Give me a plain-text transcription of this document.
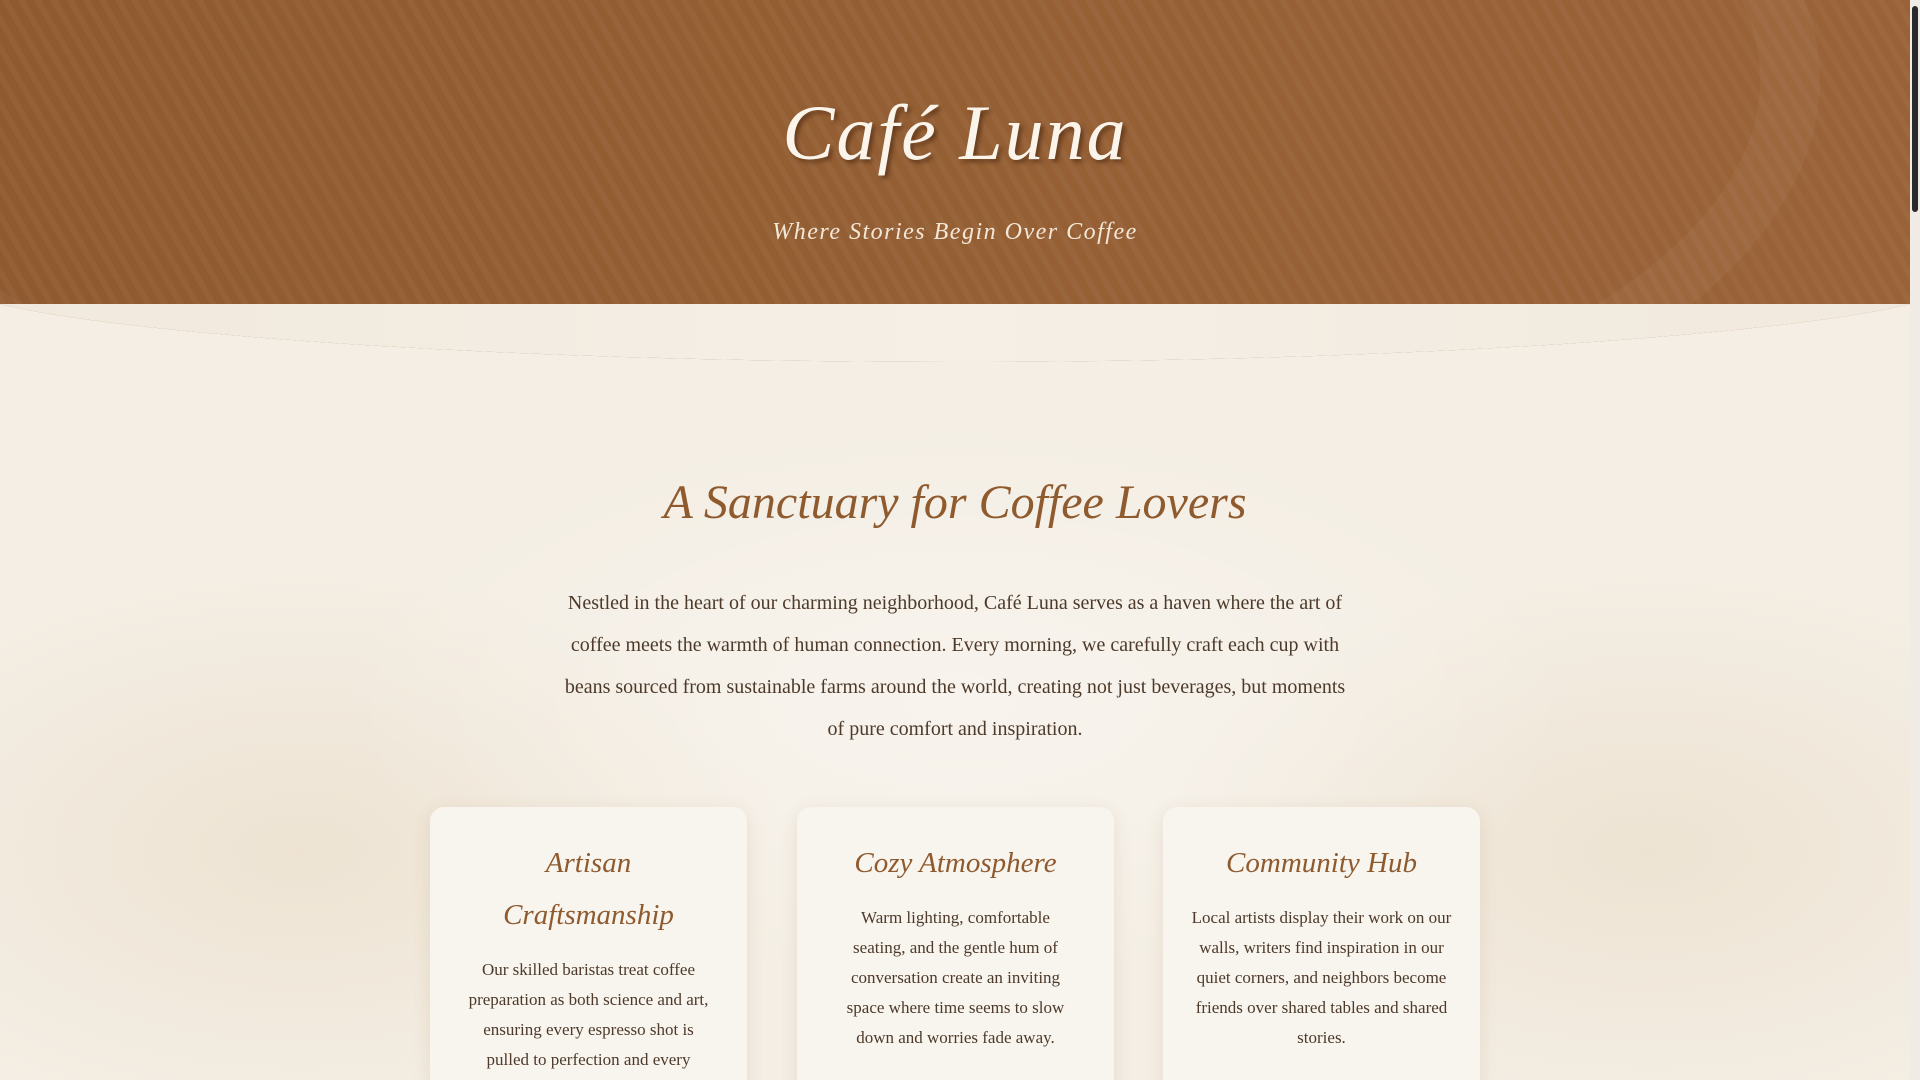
Café Luna

Where Stories Begin Over Coffee

A Sanctuary for Coffee Lovers

Nestled in the heart of our charming neighborhood, Café Luna serves as a haven where the art of coffee meets the warmth of human connection. Every morning, we carefully craft each cup with beans sourced from sustainable farms around the world, creating not just beverages, but moments of pure comfort and inspiration.

Artisan Craftsmanship

Our skilled baristas treat coffee preparation as both science and art, ensuring every espresso shot is pulled to perfection and every

Cozy Atmosphere

Warm lighting, comfortable seating, and the gentle hum of conversation create an inviting space where time seems to slow down and worries fade away.

Community Hub

Local artists display their work on our walls, writers find inspiration in our quiet corners, and neighbors become friends over shared tables and shared stories.
